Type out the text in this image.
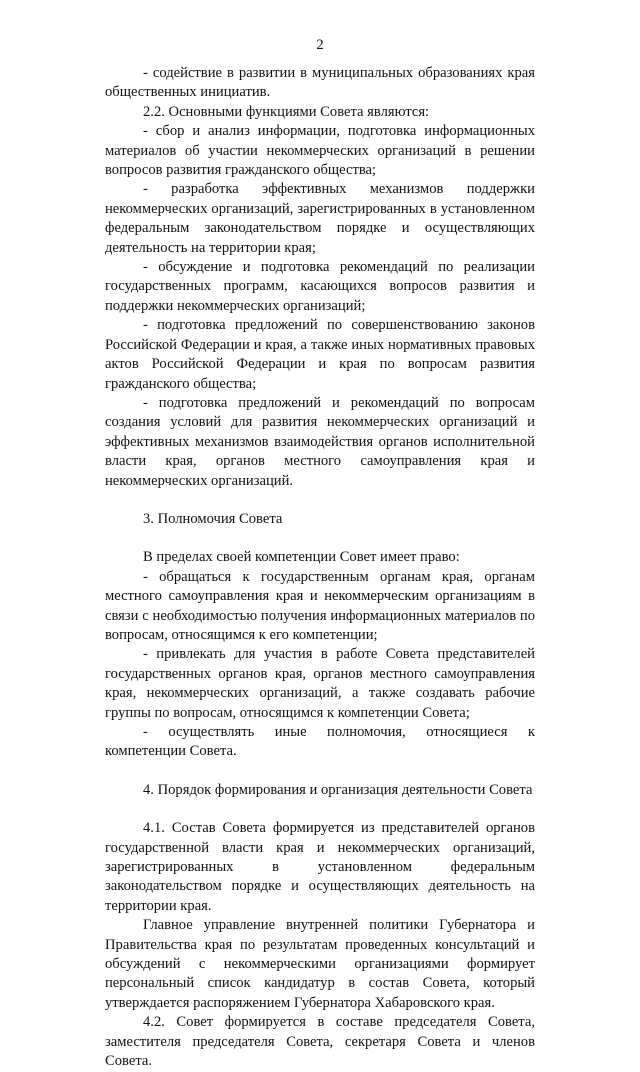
2

- содействие в развитии в муниципальных образованиях края общественных инициатив.

2.2. Основными функциями Совета являются:

- сбор и анализ информации, подготовка информационных материалов об участии некоммерческих организаций в решении вопросов развития гражданского общества;

- разработка эффективных механизмов поддержки некоммерческих организаций, зарегистрированных в установленном федеральным законодательством порядке и осуществляющих деятельность на территории края;

- обсуждение и подготовка рекомендаций по реализации государственных программ, касающихся вопросов развития и поддержки некоммерческих организаций;

- подготовка предложений по совершенствованию законов Российской Федерации и края, а также иных нормативных правовых актов Российской Федерации и края по вопросам развития гражданского общества;

- подготовка предложений и рекомендаций по вопросам создания условий для развития некоммерческих организаций и эффективных механизмов взаимодействия органов исполнительной власти края, органов местного самоуправления края и некоммерческих организаций.

3. Полномочия Совета

В пределах своей компетенции Совет имеет право:

- обращаться к государственным органам края, органам местного самоуправления края и некоммерческим организациям в связи с необходимостью получения информационных материалов по вопросам, относящимся к его компетенции;

- привлекать для участия в работе Совета представителей государственных органов края, органов местного самоуправления края, некоммерческих организаций, а также создавать рабочие группы по вопросам, относящимся к компетенции Совета;

- осуществлять иные полномочия, относящиеся к компетенции Совета.

4. Порядок формирования и организация деятельности Совета

4.1. Состав Совета формируется из представителей органов государственной власти края и некоммерческих организаций, зарегистрированных в установленном федеральным законодательством порядке и осуществляющих деятельность на территории края.

Главное управление внутренней политики Губернатора и Правительства края по результатам проведенных консультаций и обсуждений с некоммерческими организациями формирует персональный список кандидатур в состав Совета, который утверждается распоряжением Губернатора Хабаровского края.

4.2. Совет формируется в составе председателя Совета, заместителя председателя Совета, секретаря Совета и членов Совета.
